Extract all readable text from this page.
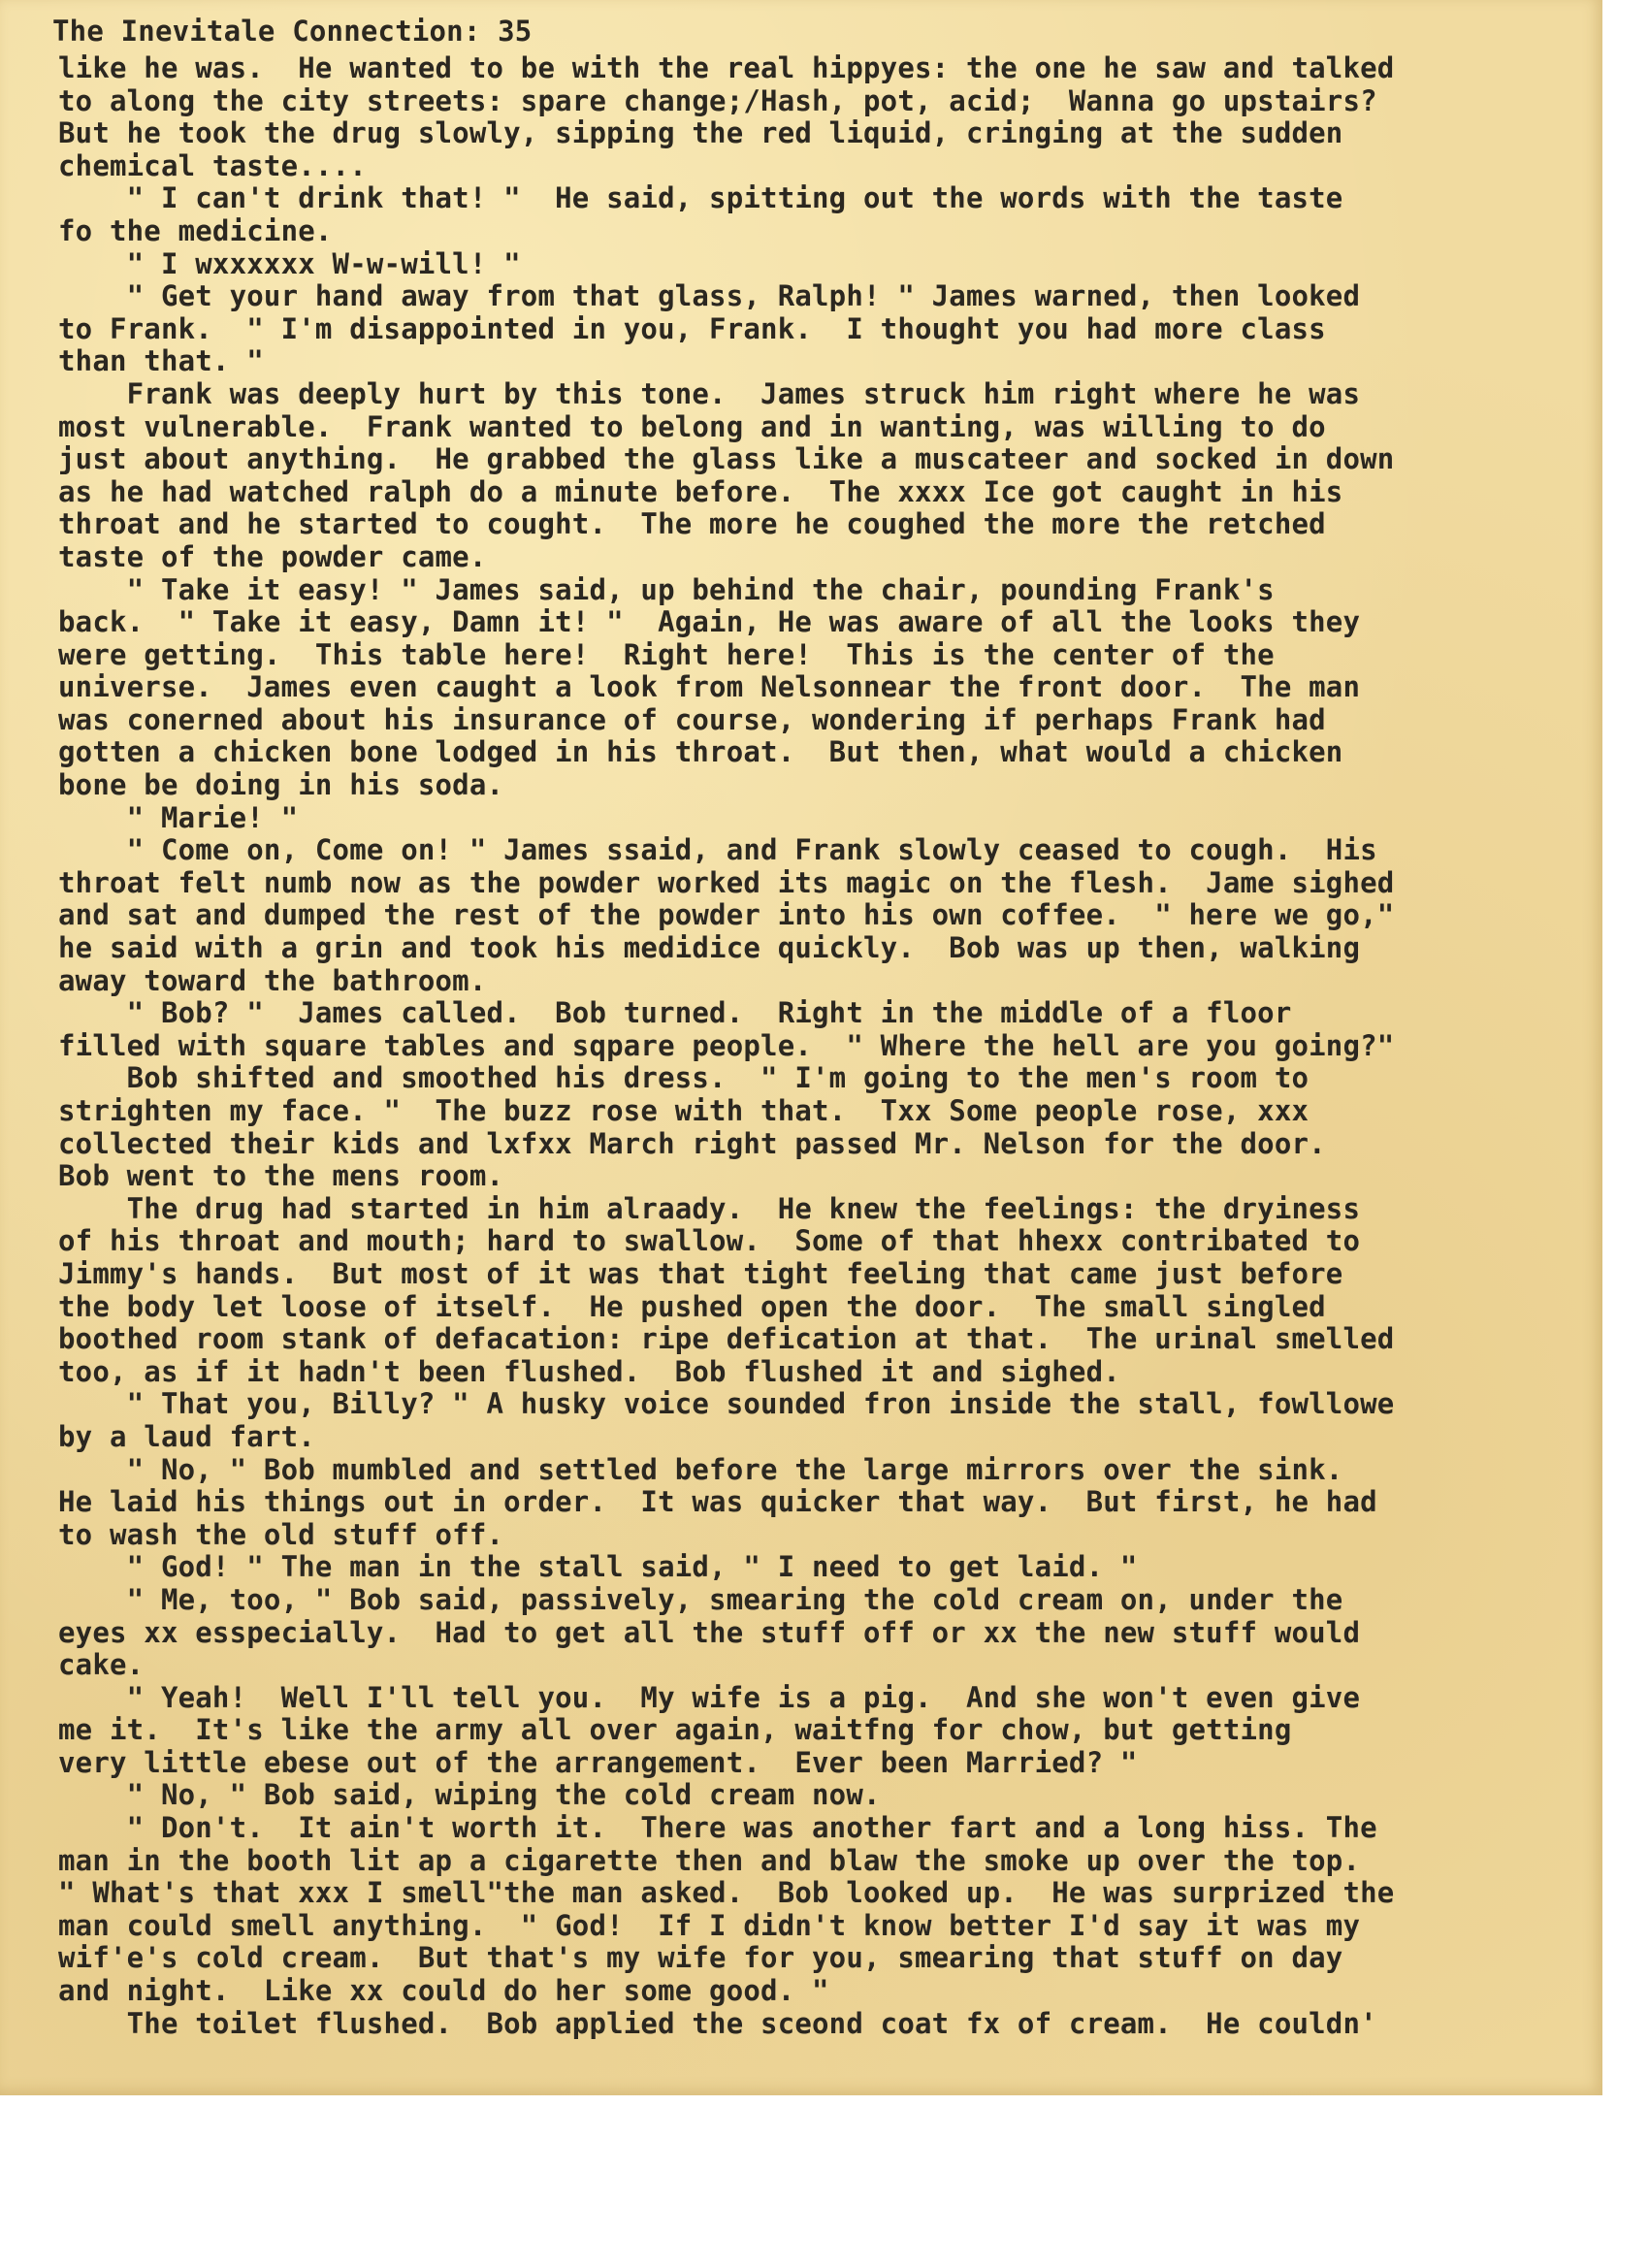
The Inevitale Connection: 35
like he was.  He wanted to be with the real hippyes: the one he saw and talked
to along the city streets: spare change;/Hash, pot, acid;  Wanna go upstairs?
But he took the drug slowly, sipping the red liquid, cringing at the sudden
chemical taste....
" I can't drink that! "  He said, spitting out the words with the taste
fo the medicine.
" I wxxxxxx W-w-will! "
" Get your hand away from that glass, Ralph! " James warned, then looked
to Frank.  " I'm disappointed in you, Frank.  I thought you had more class
than that. "
Frank was deeply hurt by this tone.  James struck him right where he was
most vulnerable.  Frank wanted to belong and in wanting, was willing to do
just about anything.  He grabbed the glass like a muscateer and socked in down
as he had watched ralph do a minute before.  The xxxx Ice got caught in his
throat and he started to cought.  The more he coughed the more the retched
taste of the powder came.
" Take it easy! " James said, up behind the chair, pounding Frank's
back.  " Take it easy, Damn it! "  Again, He was aware of all the looks they
were getting.  This table here!  Right here!  This is the center of the
universe.  James even caught a look from Nelsonnear the front door.  The man
was conerned about his insurance of course, wondering if perhaps Frank had
gotten a chicken bone lodged in his throat.  But then, what would a chicken
bone be doing in his soda.
" Marie! "
" Come on, Come on! " James ssaid, and Frank slowly ceased to cough.  His
throat felt numb now as the powder worked its magic on the flesh.  Jame sighed
and sat and dumped the rest of the powder into his own coffee.  " here we go,"
he said with a grin and took his medidice quickly.  Bob was up then, walking
away toward the bathroom.
" Bob? "  James called.  Bob turned.  Right in the middle of a floor
filled with square tables and sqpare people.  " Where the hell are you going?"
Bob shifted and smoothed his dress.  " I'm going to the men's room to
strighten my face. "  The buzz rose with that.  Txx Some people rose, xxx
collected their kids and lxfxx March right passed Mr. Nelson for the door.
Bob went to the mens room.
The drug had started in him alraady.  He knew the feelings: the dryiness
of his throat and mouth; hard to swallow.  Some of that hhexx contribated to
Jimmy's hands.  But most of it was that tight feeling that came just before
the body let loose of itself.  He pushed open the door.  The small singled
boothed room stank of defacation: ripe defication at that.  The urinal smelled
too, as if it hadn't been flushed.  Bob flushed it and sighed.
" That you, Billy? " A husky voice sounded fron inside the stall, fowllowe
by a laud fart.
" No, " Bob mumbled and settled before the large mirrors over the sink.
He laid his things out in order.  It was quicker that way.  But first, he had
to wash the old stuff off.
" God! " The man in the stall said, " I need to get laid. "
" Me, too, " Bob said, passively, smearing the cold cream on, under the
eyes xx esspecially.  Had to get all the stuff off or xx the new stuff would
cake.
" Yeah!  Well I'll tell you.  My wife is a pig.  And she won't even give
me it.  It's like the army all over again, waitfng for chow, but getting
very little ebese out of the arrangement.  Ever been Married? "
" No, " Bob said, wiping the cold cream now.
" Don't.  It ain't worth it.  There was another fart and a long hiss. The
man in the booth lit ap a cigarette then and blaw the smoke up over the top.
" What's that xxx I smell"the man asked.  Bob looked up.  He was surprized the
man could smell anything.  " God!  If I didn't know better I'd say it was my
wif'e's cold cream.  But that's my wife for you, smearing that stuff on day
and night.  Like xx could do her some good. "
The toilet flushed.  Bob applied the sceond coat fx of cream.  He couldn'
